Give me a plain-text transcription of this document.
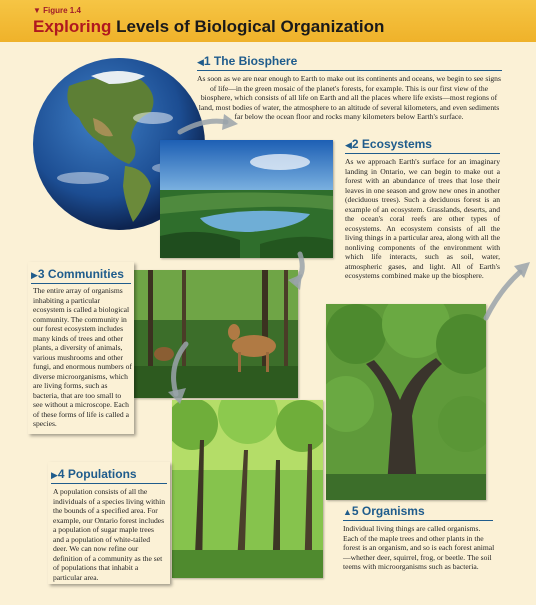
▼ Figure 1.4
Exploring Levels of Biological Organization
◀1 The Biosphere
As soon as we are near enough to Earth to make out its continents and oceans, we begin to see signs of life—in the green mosaic of the planet's forests, for example. This is our first view of the biosphere, which consists of all life on Earth and all the places where life exists—most regions of land, most bodies of water, the atmosphere to an altitude of several kilometers, and even sediments far below the ocean floor and rocks many kilometers below Earth's surface.
◀2 Ecosystems
As we approach Earth's surface for an imaginary landing in Ontario, we can begin to make out a forest with an abundance of trees that lose their leaves in one season and grow new ones in another (deciduous trees). Such a deciduous forest is an example of an ecosystem. Grasslands, deserts, and the ocean's coral reefs are other types of ecosystems. An ecosystem consists of all the living things in a particular area, along with all the nonliving components of the environment with which life interacts, such as soil, water, atmospheric gases, and light. All of Earth's ecosystems combined make up the biosphere.
▶3 Communities
The entire array of organisms inhabiting a particular ecosystem is called a biological community. The community in our forest ecosystem includes many kinds of trees and other plants, a diversity of animals, various mushrooms and other fungi, and enormous numbers of diverse microorganisms, which are living forms, such as bacteria, that are too small to see without a microscope. Each of these forms of life is called a species.
▶4 Populations
A population consists of all the individuals of a species living within the bounds of a specified area. For example, our Ontario forest includes a population of sugar maple trees and a population of white-tailed deer. We can now refine our definition of a community as the set of populations that inhabit a particular area.
▲5 Organisms
Individual living things are called organisms. Each of the maple trees and other plants in the forest is an organism, and so is each forest animal—whether deer, squirrel, frog, or beetle. The soil teems with microorganisms such as bacteria.
